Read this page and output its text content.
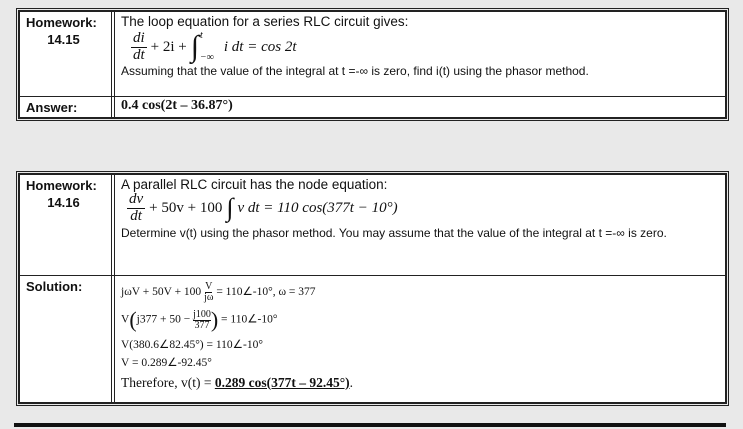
Homework:
14.15
The loop equation for a series RLC circuit gives:
$\frac{di}{dt} + 2i$ + ∫ t
−∞
i dt = cos 2t
Assuming that the value of the integral at t =-∞ is zero, find i(t) using the phasor method.
Answer:	0.4 cos(2t – 36.87°)
Homework:
14.16
A parallel RLC circuit has the node equation:
$\frac{dv}{dt} + 50v + 100$ ∫ v dt = 110 cos(377t − 10°)
Determine v(t) using the phasor method. You may assume that the value of the integral at t =-∞ is zero.
Solution:	$j\omega V + 50V + 100 \frac{V}{j\omega}$ = 110∠-10°, ω = 377
$V(j377 + 50 - \frac{j100}{377}$ ) = 110∠-10°
V(380.6∠82.45°) = 110∠-10°
V = 0.289∠-92.45°
Therefore, v(t) = 0.289 cos(377t – 92.45°).
